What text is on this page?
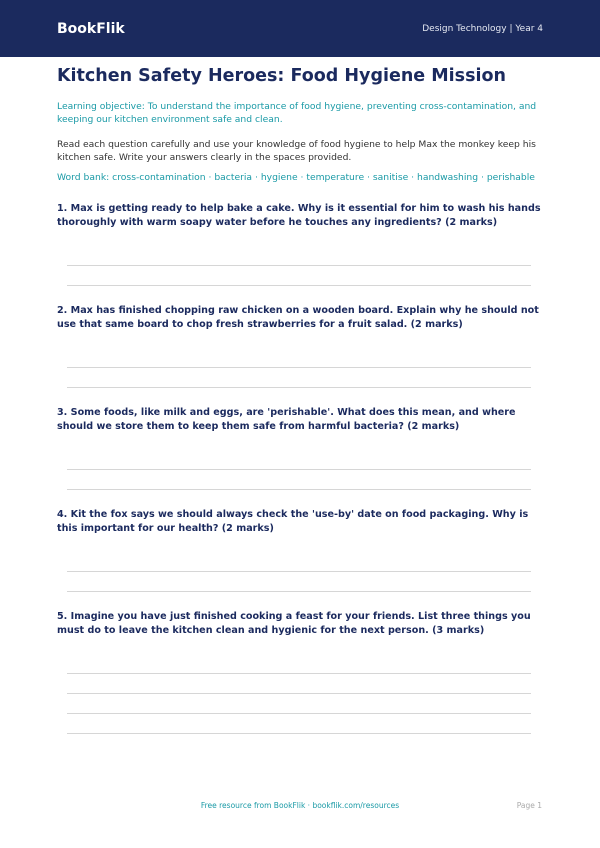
BookFlik	Design Technology | Year 4
Kitchen Safety Heroes: Food Hygiene Mission
Learning objective: To understand the importance of food hygiene, preventing cross-contamination, and keeping our kitchen environment safe and clean.
Read each question carefully and use your knowledge of food hygiene to help Max the monkey keep his kitchen safe. Write your answers clearly in the spaces provided.
Word bank: cross-contamination · bacteria · hygiene · temperature · sanitise · handwashing · perishable
1. Max is getting ready to help bake a cake. Why is it essential for him to wash his hands thoroughly with warm soapy water before he touches any ingredients? (2 marks)
2. Max has finished chopping raw chicken on a wooden board. Explain why he should not use that same board to chop fresh strawberries for a fruit salad. (2 marks)
3. Some foods, like milk and eggs, are 'perishable'. What does this mean, and where should we store them to keep them safe from harmful bacteria? (2 marks)
4. Kit the fox says we should always check the 'use-by' date on food packaging. Why is this important for our health? (2 marks)
5. Imagine you have just finished cooking a feast for your friends. List three things you must do to leave the kitchen clean and hygienic for the next person. (3 marks)
Free resource from BookFlik · bookflik.com/resources	Page 1
